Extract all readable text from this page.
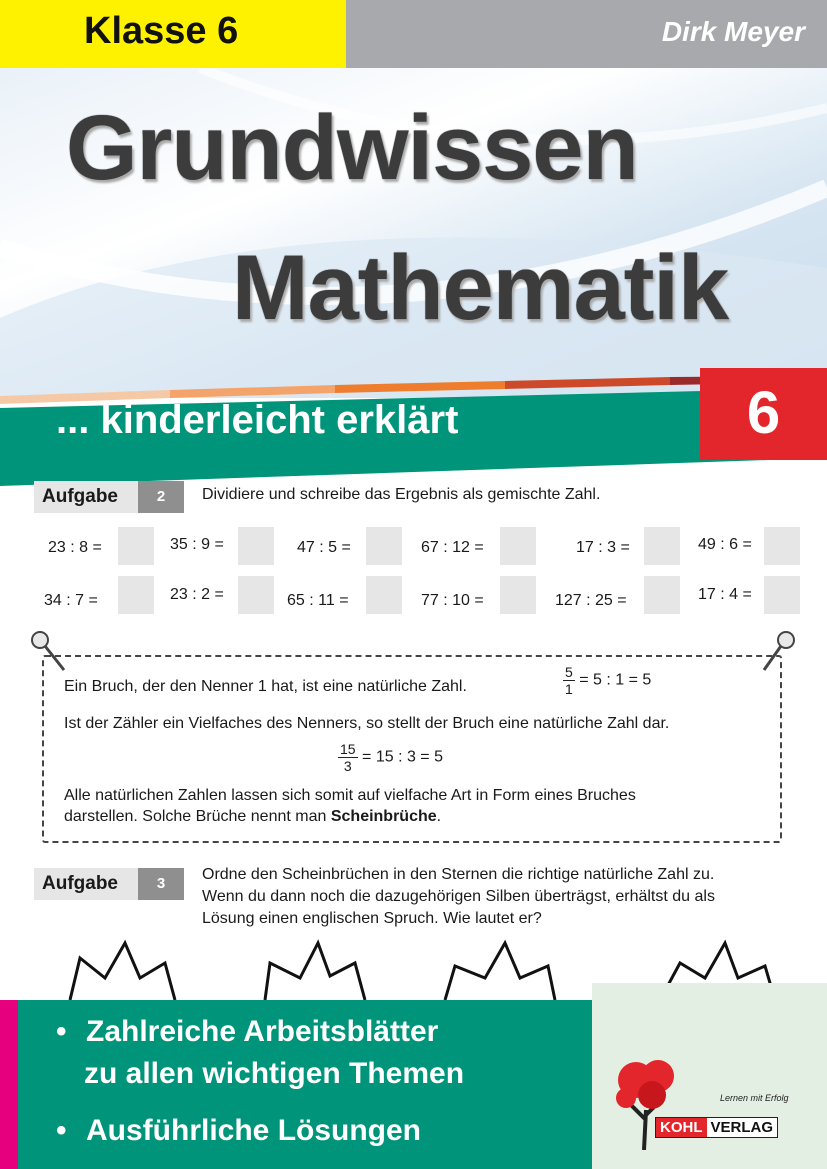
Klasse 6	Dirk Meyer
Grundwissen
Mathematik
... kinderleicht erklärt	6
Aufgabe	2	Dividiere und schreibe das Ergebnis als gemischte Zahl.
23 : 8 =	35 : 9 =	47 : 5 =	67 : 12 =	17 : 3 =	49 : 6 =
34 : 7 =	23 : 2 =	65 : 11 =	77 : 10 =	127 : 25 =	17 : 4 =
Ein Bruch, der den Nenner 1 hat, ist eine natürliche Zahl.	$\frac{5}{1} = 5$ : 1 = 5
Ist der Zähler ein Vielfaches des Nenners, so stellt der Bruch eine natürliche Zahl dar.
$\frac{15}{3} = 15$ : 3 = 5
Alle natürlichen Zahlen lassen sich somit auf vielfache Art in Form eines Bruches
darstellen. Solche Brüche nennt man Scheinbrüche.
Aufgabe	3
Ordne den Scheinbrüchen in den Sternen die richtige natürliche Zahl zu.
Wenn du dann noch die dazugehörigen Silben überträgst, erhältst du als
Lösung einen englischen Spruch. Wie lautet er?
• Zahlreiche Arbeitsblätter
zu allen wichtigen Themen
• Ausführliche Lösungen
Lernen mit Erfolg
KOHL VERLAG
